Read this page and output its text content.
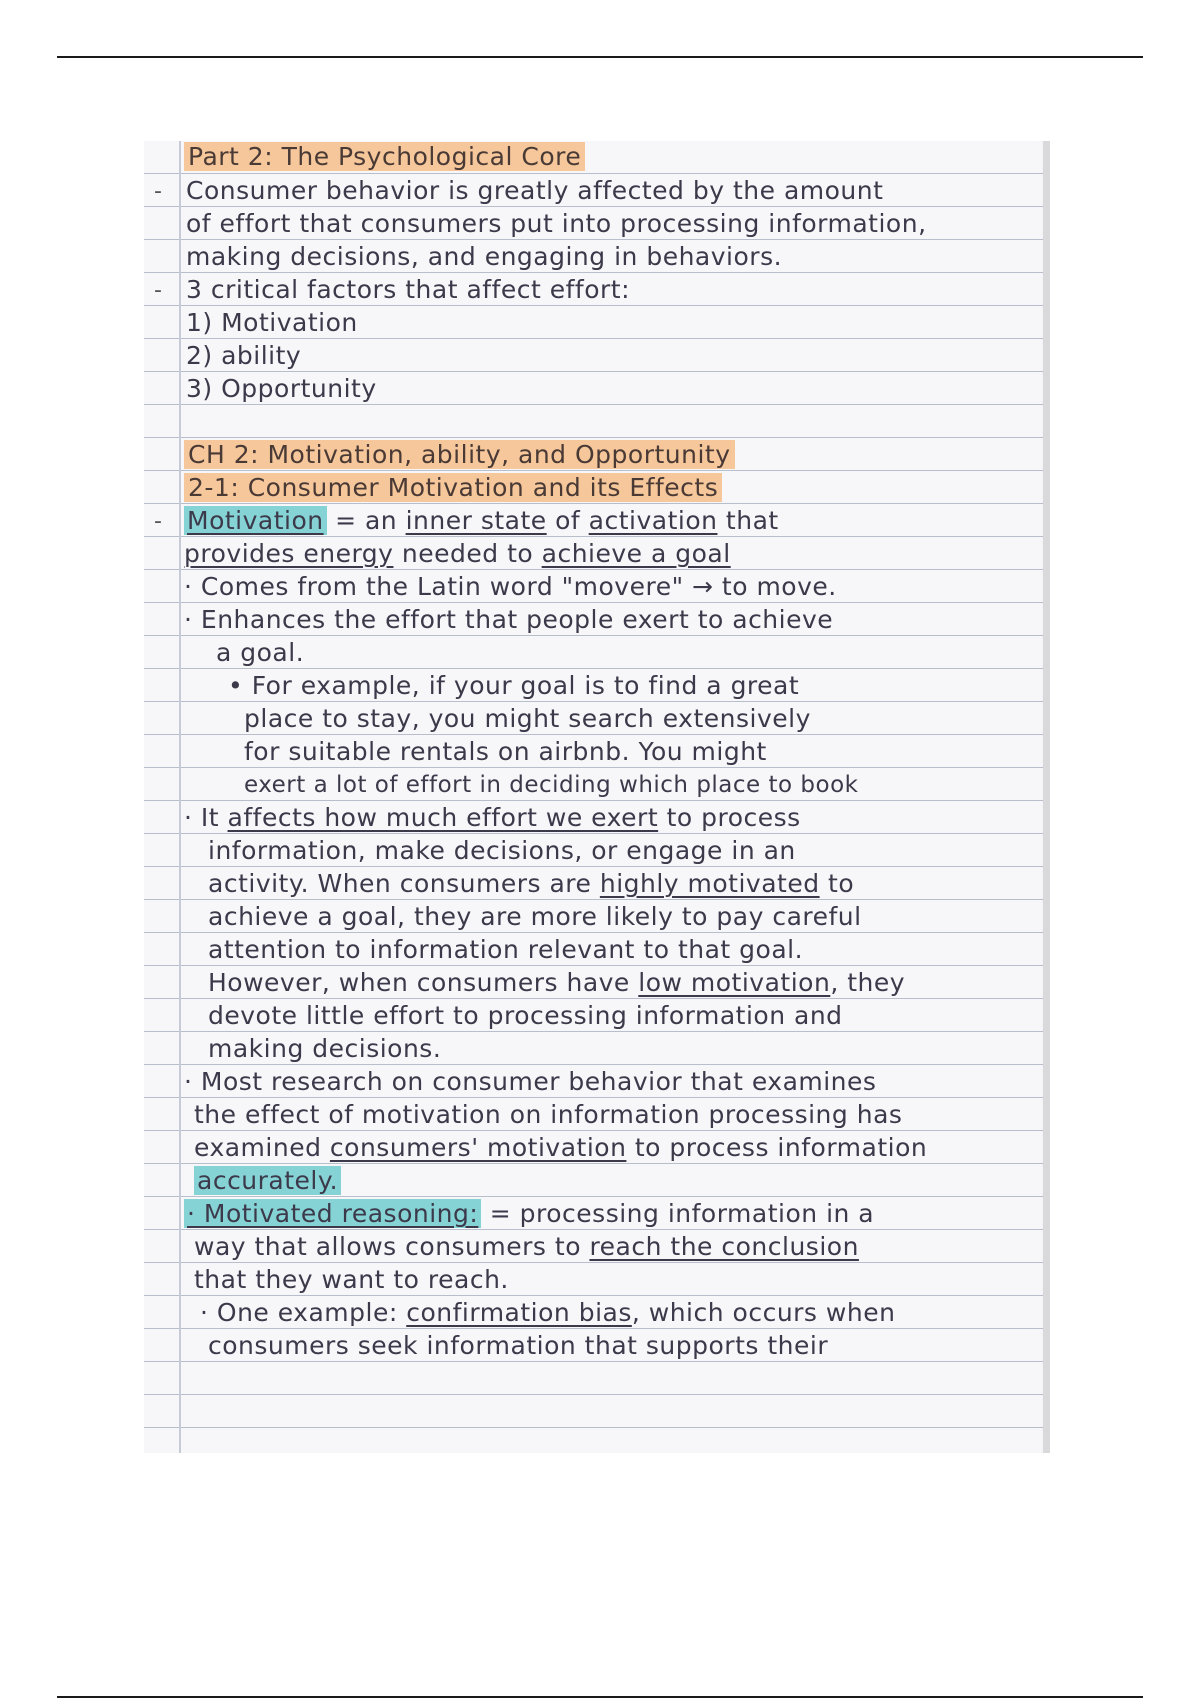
Part 2: The Psychological Core
- Consumer behavior is greatly affected by the amount
of effort that consumers put into processing information,
making decisions, and engaging in behaviors.
- 3 critical factors that affect effort:
1) Motivation
2) ability
3) Opportunity
CH 2: Motivation, ability, and Opportunity
2-1: Consumer Motivation and its Effects
- Motivation = an inner state of activation that
provides energy needed to achieve a goal
· Comes from the Latin word "movere" → to move.
· Enhances the effort that people exert to achieve
a goal.
• For example, if your goal is to find a great
place to stay, you might search extensively
for suitable rentals on airbnb. You might
exert a lot of effort in deciding which place to book
· It affects how much effort we exert to process
information, make decisions, or engage in an
activity. When consumers are highly motivated to
achieve a goal, they are more likely to pay careful
attention to information relevant to that goal.
However, when consumers have low motivation, they
devote little effort to processing information and
making decisions.
· Most research on consumer behavior that examines
the effect of motivation on information processing has
examined consumers' motivation to process information
accurately.
· Motivated reasoning: = processing information in a
way that allows consumers to reach the conclusion
that they want to reach.
· One example: confirmation bias, which occurs when
consumers seek information that supports their
